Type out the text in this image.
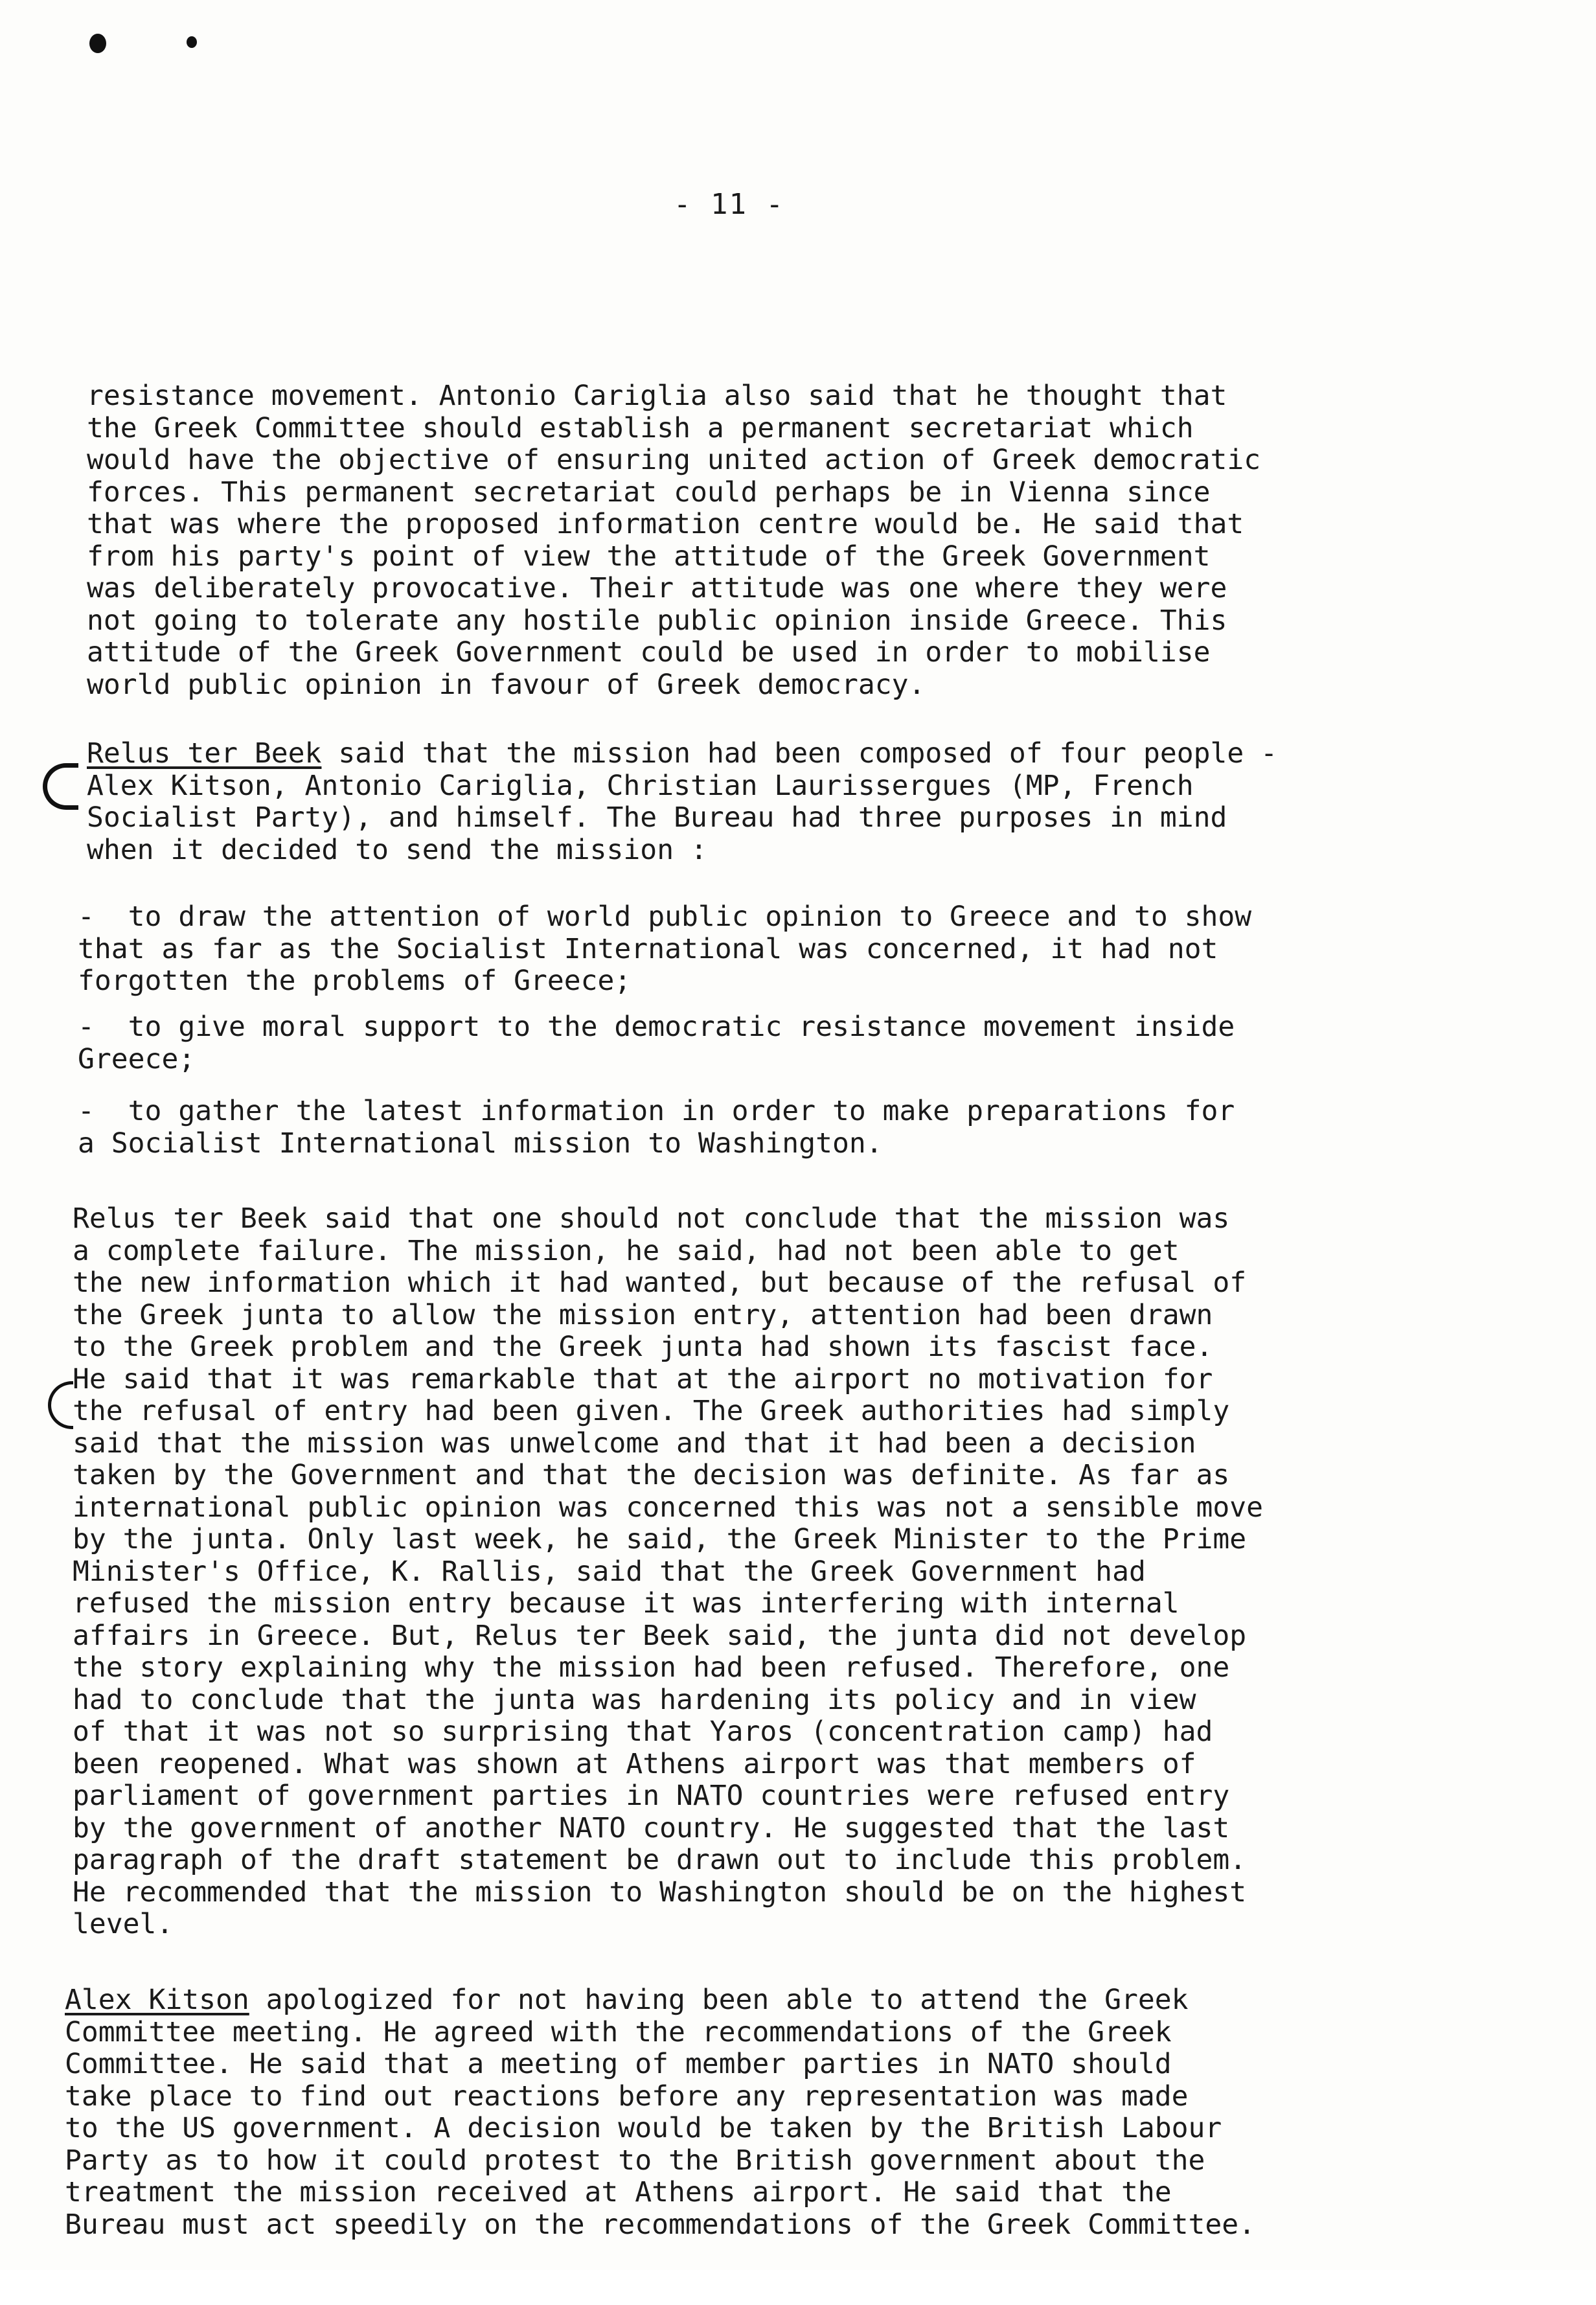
- 11 -

resistance movement. Antonio Cariglia also said that he thought that
the Greek Committee should establish a permanent secretariat which
would have the objective of ensuring united action of Greek democratic
forces. This permanent secretariat could perhaps be in Vienna since
that was where the proposed information centre would be. He said that
from his party's point of view the attitude of the Greek Government
was deliberately provocative. Their attitude was one where they were
not going to tolerate any hostile public opinion inside Greece. This
attitude of the Greek Government could be used in order to mobilise
world public opinion in favour of Greek democracy.

Relus ter Beek said that the mission had been composed of four people -
Alex Kitson, Antonio Cariglia, Christian Laurissergues (MP, French
Socialist Party), and himself. The Bureau had three purposes in mind
when it decided to send the mission :

-  to draw the attention of world public opinion to Greece and to show
that as far as the Socialist International was concerned, it had not
forgotten the problems of Greece;

-  to give moral support to the democratic resistance movement inside
Greece;

-  to gather the latest information in order to make preparations for
a Socialist International mission to Washington.

Relus ter Beek said that one should not conclude that the mission was
a complete failure. The mission, he said, had not been able to get
the new information which it had wanted, but because of the refusal of
the Greek junta to allow the mission entry, attention had been drawn
to the Greek problem and the Greek junta had shown its fascist face.
He said that it was remarkable that at the airport no motivation for
the refusal of entry had been given. The Greek authorities had simply
said that the mission was unwelcome and that it had been a decision
taken by the Government and that the decision was definite. As far as
international public opinion was concerned this was not a sensible move
by the junta. Only last week, he said, the Greek Minister to the Prime
Minister's Office, K. Rallis, said that the Greek Government had
refused the mission entry because it was interfering with internal
affairs in Greece. But, Relus ter Beek said, the junta did not develop
the story explaining why the mission had been refused. Therefore, one
had to conclude that the junta was hardening its policy and in view
of that it was not so surprising that Yaros (concentration camp) had
been reopened. What was shown at Athens airport was that members of
parliament of government parties in NATO countries were refused entry
by the government of another NATO country. He suggested that the last
paragraph of the draft statement be drawn out to include this problem.
He recommended that the mission to Washington should be on the highest
level.

Alex Kitson apologized for not having been able to attend the Greek
Committee meeting. He agreed with the recommendations of the Greek
Committee. He said that a meeting of member parties in NATO should
take place to find out reactions before any representation was made
to the US government. A decision would be taken by the British Labour
Party as to how it could protest to the British government about the
treatment the mission received at Athens airport. He said that the
Bureau must act speedily on the recommendations of the Greek Committee.
